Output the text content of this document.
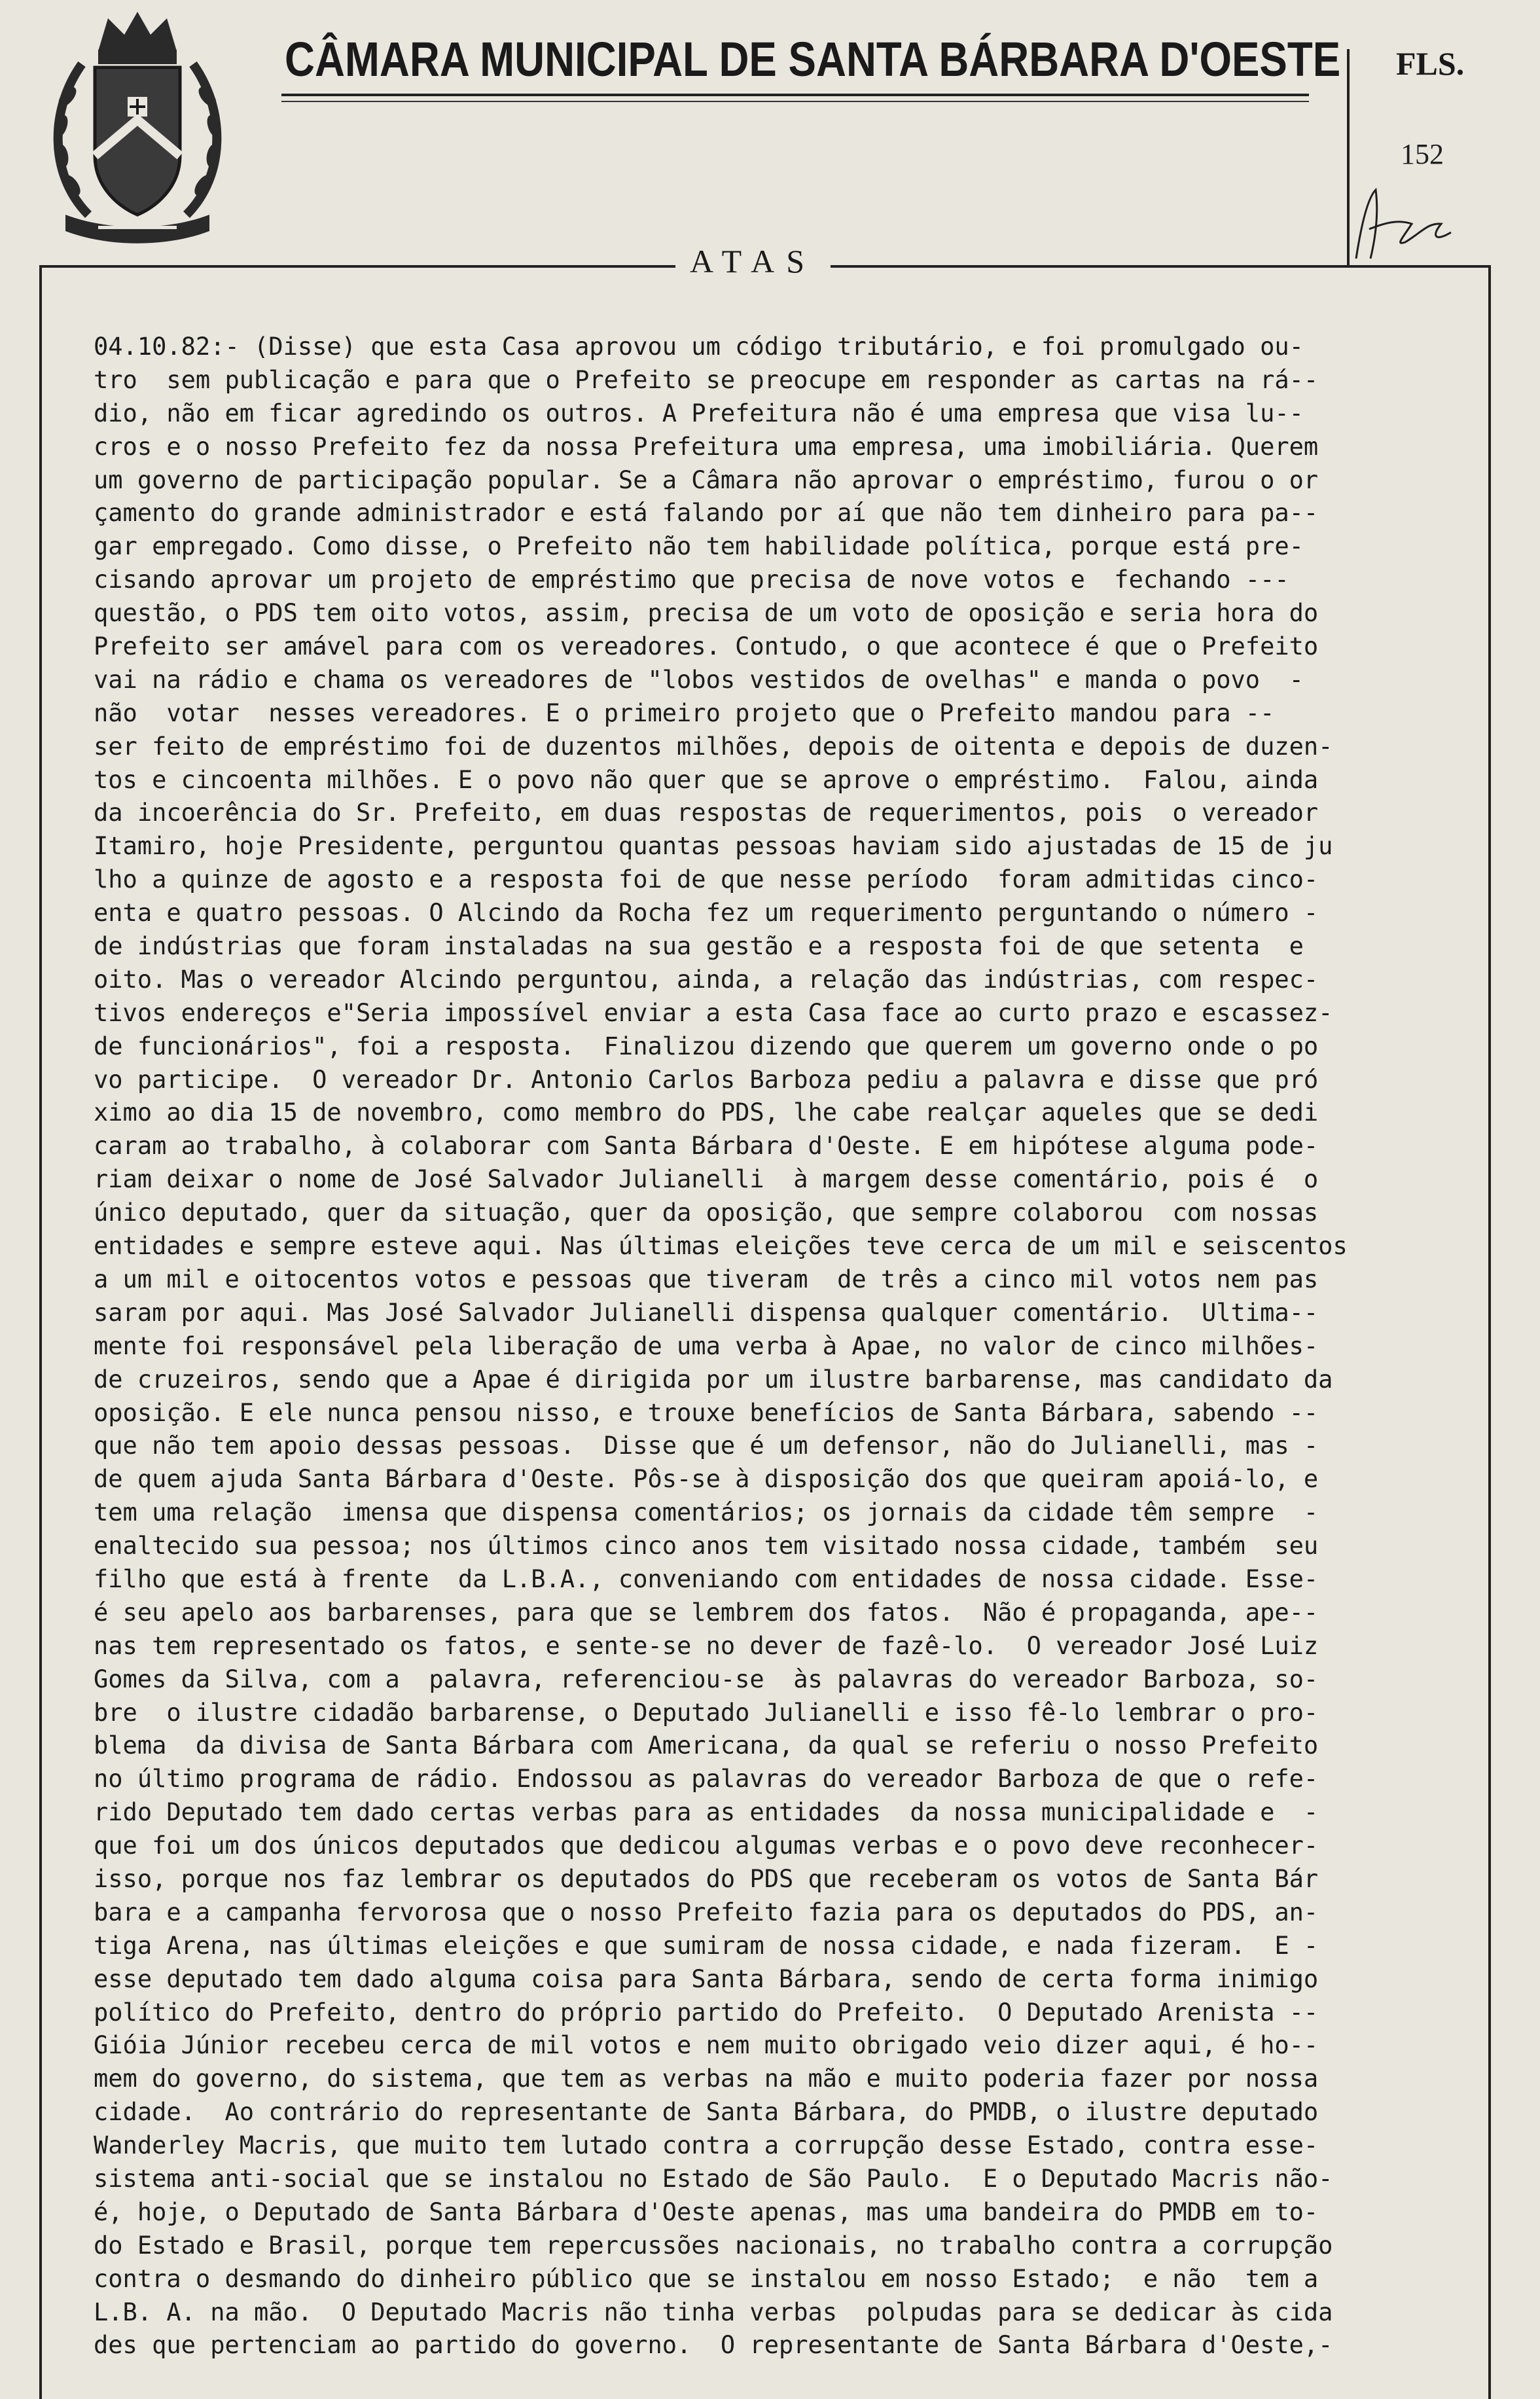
CÂMARA MUNICIPAL DE SANTA BÁRBARA D'OESTE FLS.
152
ATAS
04.10.82:- (Disse) que esta Casa aprovou um código tributário, e foi promulgado ou-
tro  sem publicação e para que o Prefeito se preocupe em responder as cartas na rá--
dio, não em ficar agredindo os outros. A Prefeitura não é uma empresa que visa lu--
cros e o nosso Prefeito fez da nossa Prefeitura uma empresa, uma imobiliária. Querem
um governo de participação popular. Se a Câmara não aprovar o empréstimo, furou o or
çamento do grande administrador e está falando por aí que não tem dinheiro para pa--
gar empregado. Como disse, o Prefeito não tem habilidade política, porque está pre-
cisando aprovar um projeto de empréstimo que precisa de nove votos e  fechando ---
questão, o PDS tem oito votos, assim, precisa de um voto de oposição e seria hora do
Prefeito ser amável para com os vereadores. Contudo, o que acontece é que o Prefeito
vai na rádio e chama os vereadores de "lobos vestidos de ovelhas" e manda o povo  -
não  votar  nesses vereadores. E o primeiro projeto que o Prefeito mandou para --
ser feito de empréstimo foi de duzentos milhões, depois de oitenta e depois de duzen-
tos e cincoenta milhões. E o povo não quer que se aprove o empréstimo.  Falou, ainda
da incoerência do Sr. Prefeito, em duas respostas de requerimentos, pois  o vereador
Itamiro, hoje Presidente, perguntou quantas pessoas haviam sido ajustadas de 15 de ju
lho a quinze de agosto e a resposta foi de que nesse período  foram admitidas cinco-
enta e quatro pessoas. O Alcindo da Rocha fez um requerimento perguntando o número -
de indústrias que foram instaladas na sua gestão e a resposta foi de que setenta  e
oito. Mas o vereador Alcindo perguntou, ainda, a relação das indústrias, com respec-
tivos endereços e"Seria impossível enviar a esta Casa face ao curto prazo e escassez-
de funcionários", foi a resposta.  Finalizou dizendo que querem um governo onde o po
vo participe.  O vereador Dr. Antonio Carlos Barboza pediu a palavra e disse que pró
ximo ao dia 15 de novembro, como membro do PDS, lhe cabe realçar aqueles que se dedi
caram ao trabalho, à colaborar com Santa Bárbara d'Oeste. E em hipótese alguma pode-
riam deixar o nome de José Salvador Julianelli  à margem desse comentário, pois é  o
único deputado, quer da situação, quer da oposição, que sempre colaborou  com nossas
entidades e sempre esteve aqui. Nas últimas eleições teve cerca de um mil e seiscentos
a um mil e oitocentos votos e pessoas que tiveram  de três a cinco mil votos nem pas
saram por aqui. Mas José Salvador Julianelli dispensa qualquer comentário.  Ultima--
mente foi responsável pela liberação de uma verba à Apae, no valor de cinco milhões-
de cruzeiros, sendo que a Apae é dirigida por um ilustre barbarense, mas candidato da
oposição. E ele nunca pensou nisso, e trouxe benefícios de Santa Bárbara, sabendo --
que não tem apoio dessas pessoas.  Disse que é um defensor, não do Julianelli, mas -
de quem ajuda Santa Bárbara d'Oeste. Pôs-se à disposição dos que queiram apoiá-lo, e
tem uma relação  imensa que dispensa comentários; os jornais da cidade têm sempre  -
enaltecido sua pessoa; nos últimos cinco anos tem visitado nossa cidade, também  seu
filho que está à frente  da L.B.A., conveniando com entidades de nossa cidade. Esse-
é seu apelo aos barbarenses, para que se lembrem dos fatos.  Não é propaganda, ape--
nas tem representado os fatos, e sente-se no dever de fazê-lo.  O vereador José Luiz
Gomes da Silva, com a  palavra, referenciou-se  às palavras do vereador Barboza, so-
bre  o ilustre cidadão barbarense, o Deputado Julianelli e isso fê-lo lembrar o pro-
blema  da divisa de Santa Bárbara com Americana, da qual se referiu o nosso Prefeito
no último programa de rádio. Endossou as palavras do vereador Barboza de que o refe-
rido Deputado tem dado certas verbas para as entidades  da nossa municipalidade e  -
que foi um dos únicos deputados que dedicou algumas verbas e o povo deve reconhecer-
isso, porque nos faz lembrar os deputados do PDS que receberam os votos de Santa Bár
bara e a campanha fervorosa que o nosso Prefeito fazia para os deputados do PDS, an-
tiga Arena, nas últimas eleições e que sumiram de nossa cidade, e nada fizeram.  E -
esse deputado tem dado alguma coisa para Santa Bárbara, sendo de certa forma inimigo
político do Prefeito, dentro do próprio partido do Prefeito.  O Deputado Arenista --
Gióia Júnior recebeu cerca de mil votos e nem muito obrigado veio dizer aqui, é ho--
mem do governo, do sistema, que tem as verbas na mão e muito poderia fazer por nossa
cidade.  Ao contrário do representante de Santa Bárbara, do PMDB, o ilustre deputado
Wanderley Macris, que muito tem lutado contra a corrupção desse Estado, contra esse-
sistema anti-social que se instalou no Estado de São Paulo.  E o Deputado Macris não-
é, hoje, o Deputado de Santa Bárbara d'Oeste apenas, mas uma bandeira do PMDB em to-
do Estado e Brasil, porque tem repercussões nacionais, no trabalho contra a corrupção
contra o desmando do dinheiro público que se instalou em nosso Estado;  e não  tem a
L.B. A. na mão.  O Deputado Macris não tinha verbas  polpudas para se dedicar às cida
des que pertenciam ao partido do governo.  O representante de Santa Bárbara d'Oeste,-
